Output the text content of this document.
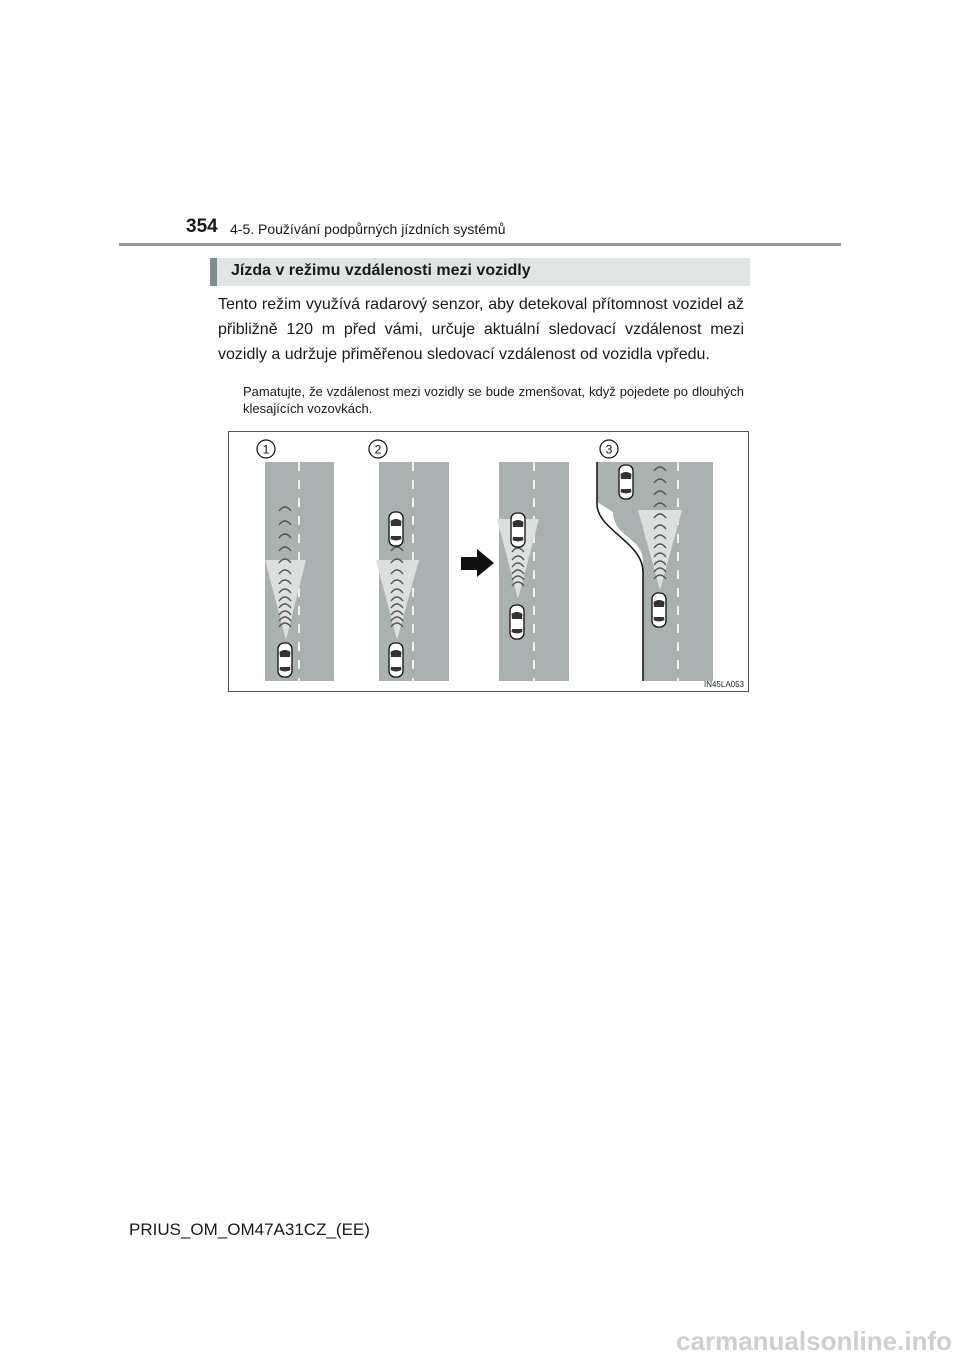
354 4-5. Používání podpůrných jízdních systémů
Jízda v režimu vzdálenosti mezi vozidly

Tento režim využívá radarový senzor, aby detekoval přítomnost vozidel až přibližně 120 m před vámi, určuje aktuální sledovací vzdálenost mezi vozidly a udržuje přiměřenou sledovací vzdálenost od vozidla vpředu.

Pamatujte, že vzdálenost mezi vozidly se bude zmenšovat, když pojedete po dlouhých klesajících vozovkách.

1	2	3
IN45LA053
PRIUS_OM_OM47A31CZ_(EE)
carmanualsonline.info
